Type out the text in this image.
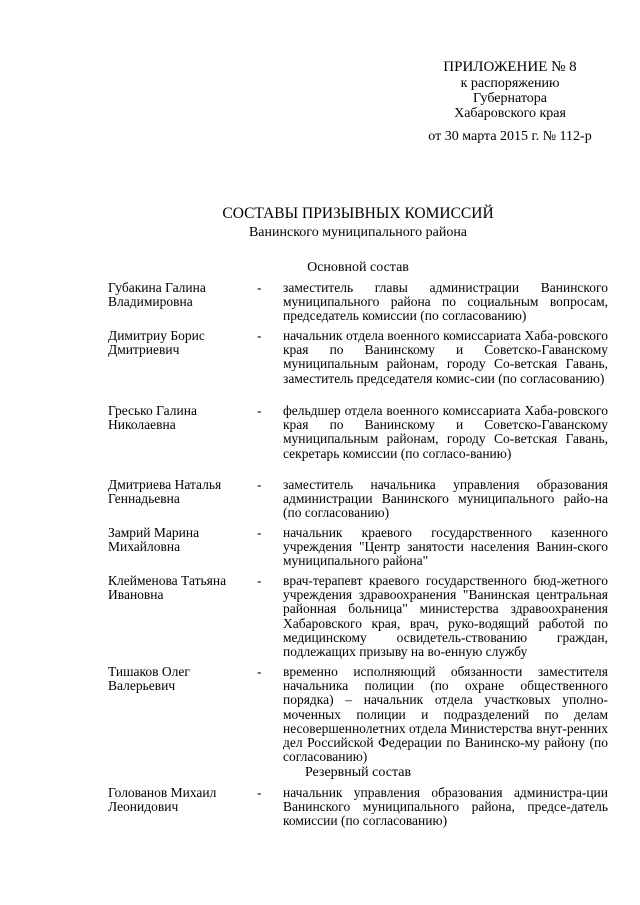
ПРИЛОЖЕНИЕ № 8
к распоряжению
Губернатора
Хабаровского края
от 30 марта 2015 г. № 112-р
СОСТАВЫ ПРИЗЫВНЫХ КОМИССИЙ
Ванинского муниципального района
Основной состав
Губакина Галина Владимировна
-	заместитель главы администрации Ванинского муниципального района по социальным вопросам, председатель комиссии (по согласованию)
Димитриу Борис Дмитриевич
-	начальник отдела военного комиссариата Хаба-ровского края по Ванинскому и Советско-Гаванскому муниципальным районам, городу Со-ветская Гавань, заместитель председателя комис-сии (по согласованию)
Гресько Галина Николаевна
-	фельдшер отдела военного комиссариата Хаба-ровского края по Ванинскому и Советско-Гаванскому муниципальным районам, городу Со-ветская Гавань, секретарь комиссии (по согласо-ванию)
Дмитриева Наталья Геннадьевна
-	заместитель начальника управления образования администрации Ванинского муниципального райо-на (по согласованию)
Замрий Марина Михайловна
-	начальник краевого государственного казенного учреждения "Центр занятости населения Ванин-ского муниципального района"
Клейменова Татьяна Ивановна
-	врач-терапевт краевого государственного бюд-жетного учреждения здравоохранения "Ванинская центральная районная больница" министерства здравоохранения Хабаровского края, врач, руко-водящий работой по медицинскому освидетель-ствованию граждан, подлежащих призыву на во-енную службу
Тишаков Олег Валерьевич
-	временно исполняющий обязанности заместителя начальника полиции (по охране общественного порядка) – начальник отдела участковых уполно-моченных полиции и подразделений по делам несовершеннолетних отдела Министерства внут-ренних дел Российской Федерации по Ванинско-му району (по согласованию)
Резервный состав
Голованов Михаил Леонидович
-	начальник управления образования администра-ции Ванинского муниципального района, предсе-датель комиссии (по согласованию)
